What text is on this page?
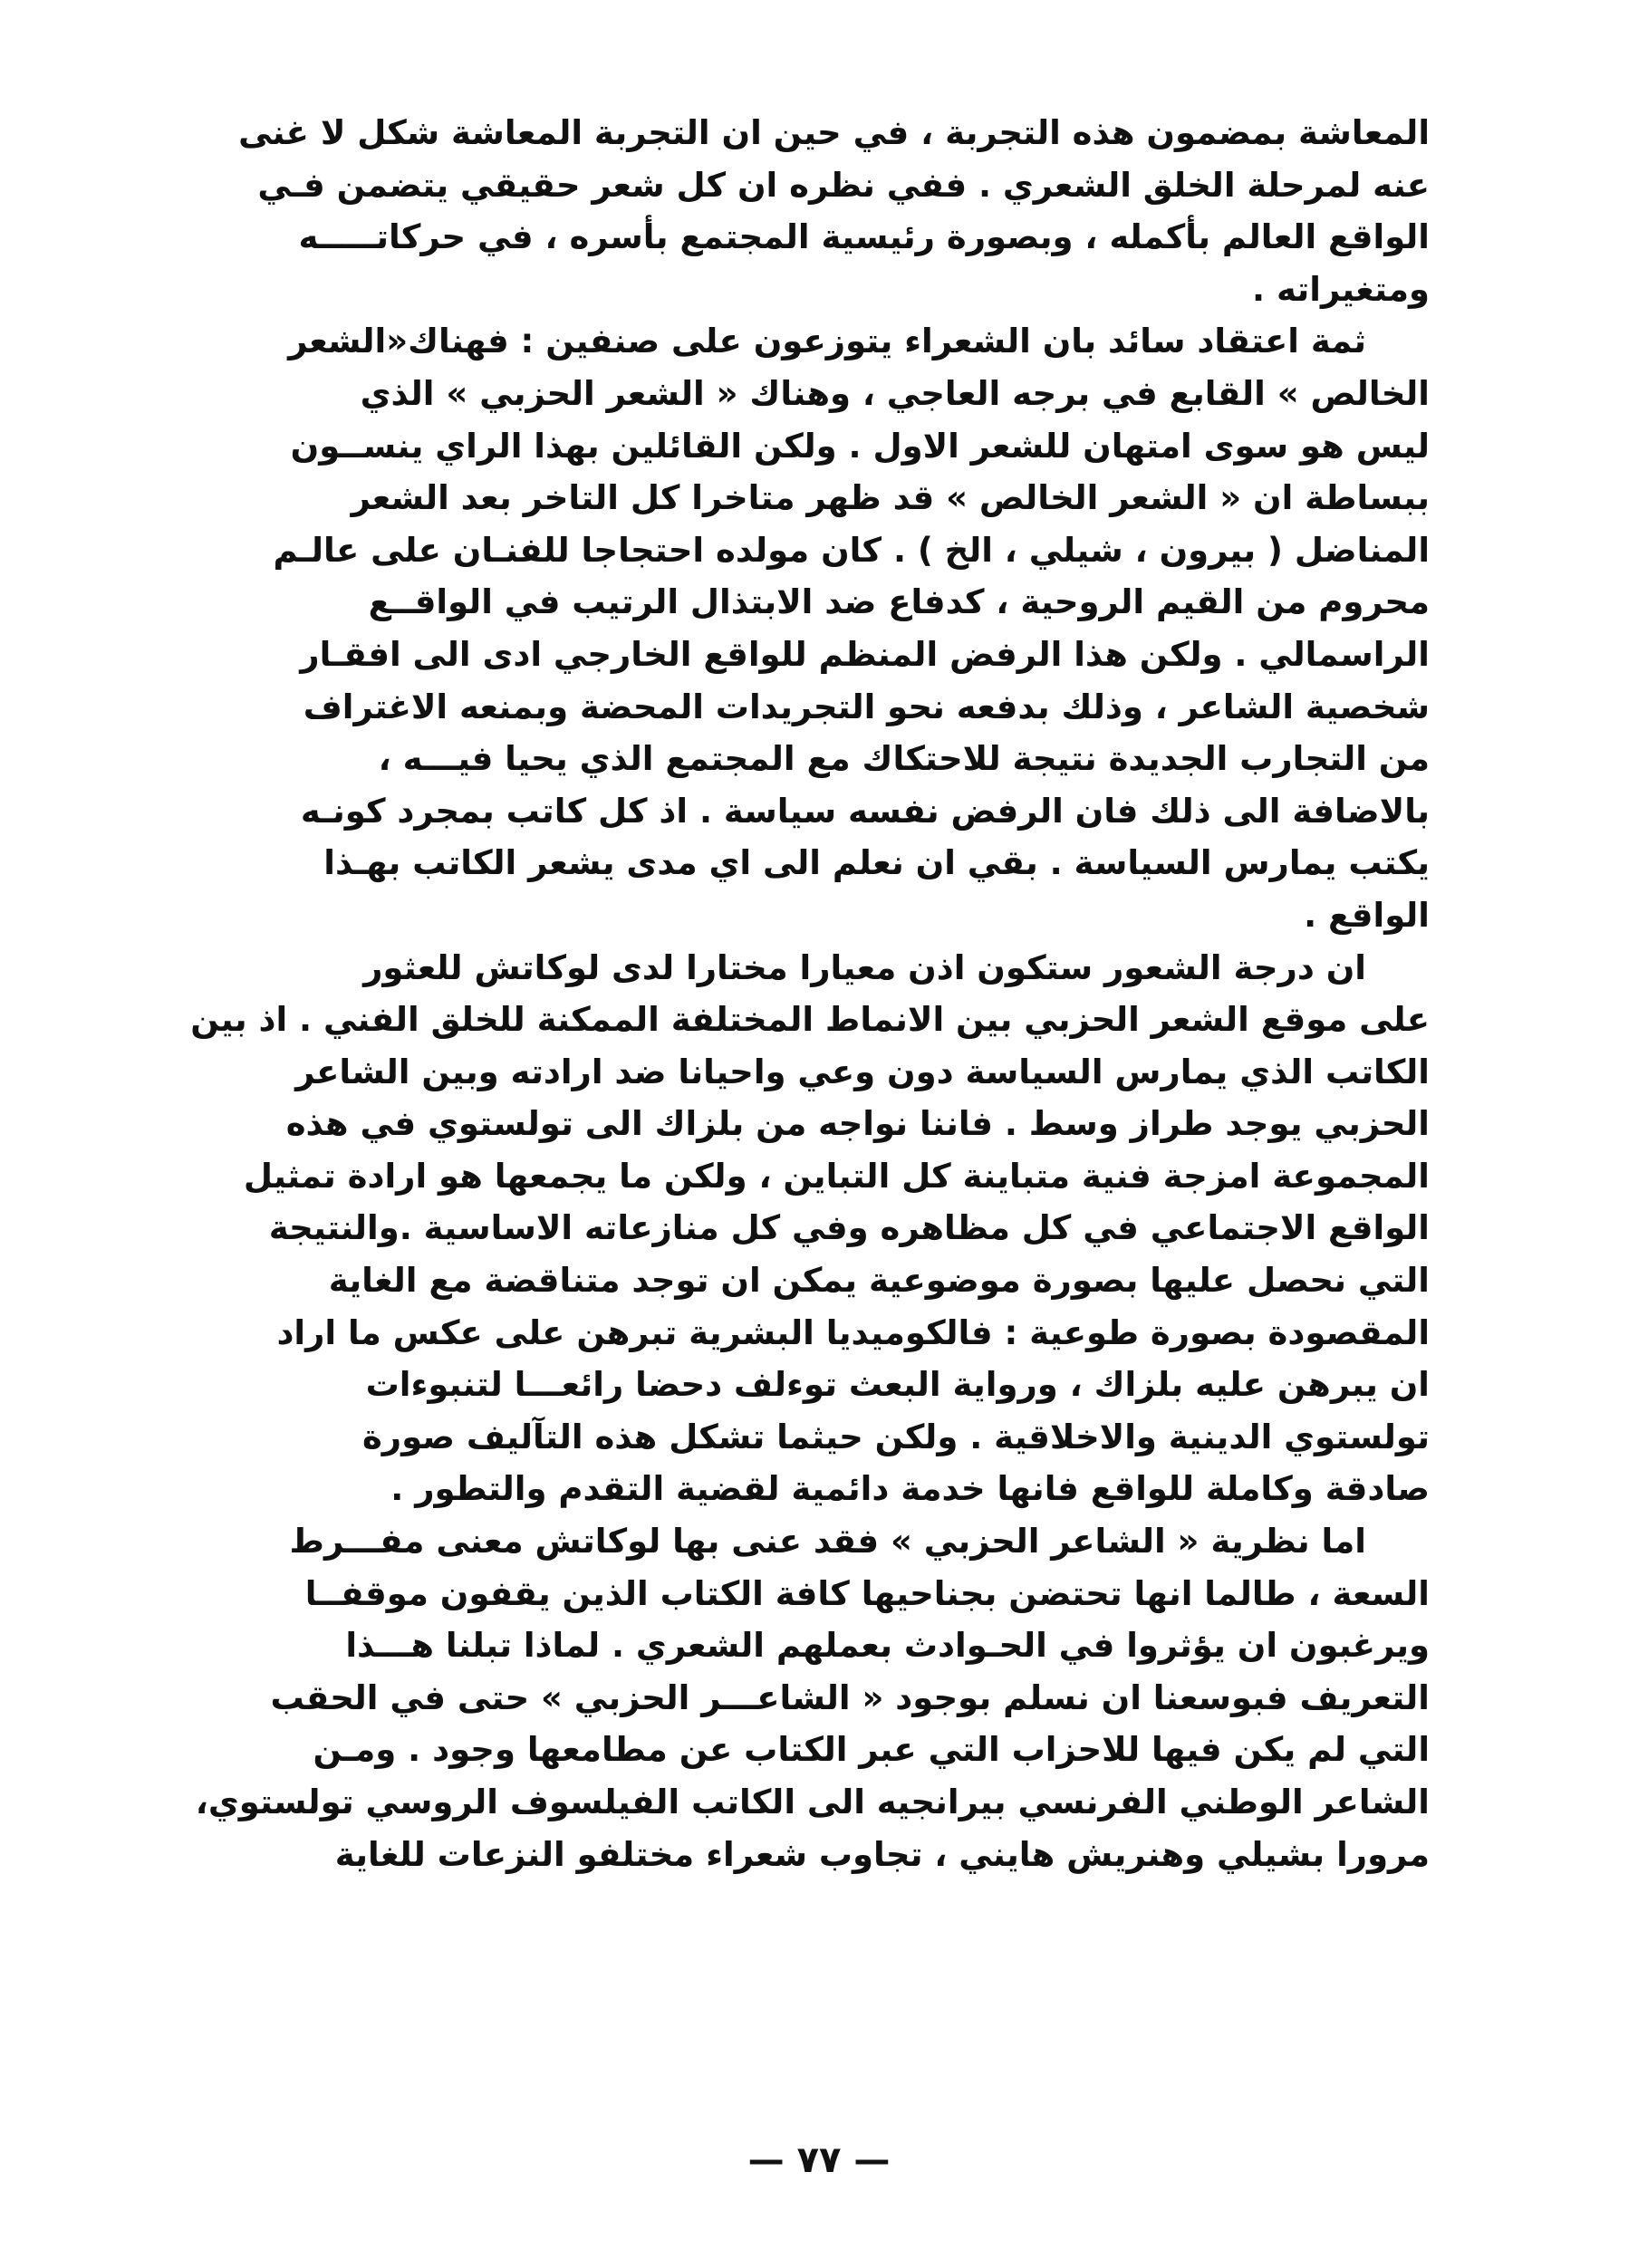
المعاشة بمضمون هذه التجربة ، في حين ان التجربة المعاشة شكل لا غنى
عنه لمرحلة الخلق الشعري . ففي نظره ان كل شعر حقيقي يتضمن فـي
الواقع العالم بأكمله ، وبصورة رئيسية المجتمع بأسره ، في حركاتـــــه
ومتغيراته .
ثمة اعتقاد سائد بان الشعراء يتوزعون على صنفين : فهناك«الشعر
الخالص » القابع في برجه العاجي ، وهناك « الشعر الحزبي » الذي
ليس هو سوى امتهان للشعر الاول . ولكن القائلين بهذا الراي ينســون
ببساطة ان « الشعر الخالص » قد ظهر متاخرا كل التاخر بعد الشعر
المناضل ( بيرون ، شيلي ، الخ ) . كان مولده احتجاجا للفنـان على عالـم
محروم من القيم الروحية ، كدفاع ضد الابتذال الرتيب في الواقــع
الراسمالي . ولكن هذا الرفض المنظم للواقع الخارجي ادى الى افقـار
شخصية الشاعر ، وذلك بدفعه نحو التجريدات المحضة وبمنعه الاغتراف
من التجارب الجديدة نتيجة للاحتكاك مع المجتمع الذي يحيا فيـــه ،
بالاضافة الى ذلك فان الرفض نفسه سياسة . اذ كل كاتب بمجرد كونـه
يكتب يمارس السياسة . بقي ان نعلم الى اي مدى يشعر الكاتب بهـذا
الواقع .
ان درجة الشعور ستكون اذن معيارا مختارا لدى لوكاتش للعثور
على موقع الشعر الحزبي بين الانماط المختلفة الممكنة للخلق الفني . اذ بين
الكاتب الذي يمارس السياسة دون وعي واحيانا ضد ارادته وبين الشاعر
الحزبي يوجد طراز وسط . فاننا نواجه من بلزاك الى تولستوي في هذه
المجموعة امزجة فنية متباينة كل التباين ، ولكن ما يجمعها هو ارادة تمثيل
الواقع الاجتماعي في كل مظاهره وفي كل منازعاته الاساسية .والنتيجة
التي نحصل عليها بصورة موضوعية يمكن ان توجد متناقضة مع الغاية
المقصودة بصورة طوعية : فالكوميديا البشرية تبرهن على عكس ما اراد
ان يبرهن عليه بلزاك ، ورواية البعث توءلف دحضا رائعـــا لتنبوءات
تولستوي الدينية والاخلاقية . ولكن حيثما تشكل هذه التآليف صورة
صادقة وكاملة للواقع فانها خدمة دائمية لقضية التقدم والتطور .
اما نظرية « الشاعر الحزبي » فقد عنى بها لوكاتش معنى مفـــرط
السعة ، طالما انها تحتضن بجناحيها كافة الكتاب الذين يقفون موقفــا
ويرغبون ان يؤثروا في الحـوادث بعملهم الشعري . لماذا تبلنا هـــذا
التعريف فبوسعنا ان نسلم بوجود « الشاعـــر الحزبي » حتى في الحقب
التي لم يكن فيها للاحزاب التي عبر الكتاب عن مطامعها وجود . ومـن
الشاعر الوطني الفرنسي بيرانجيه الى الكاتب الفيلسوف الروسي تولستوي،
مرورا بشيلي وهنريش هايني ، تجاوب شعراء مختلفو النزعات للغاية
— ٧٧ —
